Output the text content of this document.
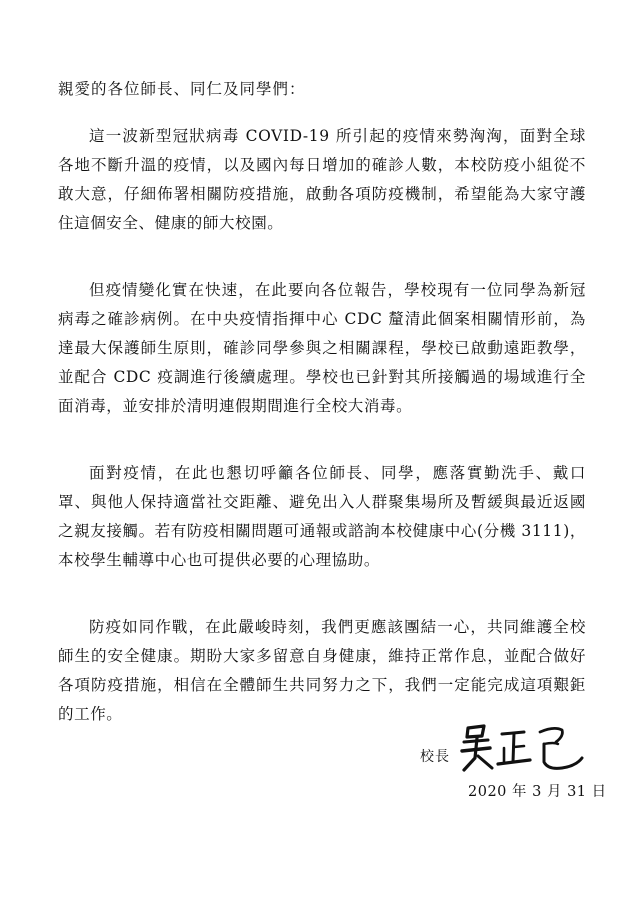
親愛的各位師長、同仁及同學們：

這一波新型冠狀病毒 COVID-19 所引起的疫情來勢洶洶，面對全球各地不斷升溫的疫情，以及國內每日增加的確診人數，本校防疫小組從不敢大意，仔細佈署相關防疫措施，啟動各項防疫機制，希望能為大家守護住這個安全、健康的師大校園。

但疫情變化實在快速，在此要向各位報告，學校現有一位同學為新冠病毒之確診病例。在中央疫情指揮中心 CDC 釐清此個案相關情形前，為達最大保護師生原則，確診同學參與之相關課程，學校已啟動遠距教學，並配合 CDC 疫調進行後續處理。學校也已針對其所接觸過的場域進行全面消毒，並安排於清明連假期間進行全校大消毒。

面對疫情，在此也懇切呼籲各位師長、同學，應落實勤洗手、戴口罩、與他人保持適當社交距離、避免出入人群聚集場所及暫緩與最近返國之親友接觸。若有防疫相關問題可通報或諮詢本校健康中心(分機 3111)，本校學生輔導中心也可提供必要的心理協助。

防疫如同作戰，在此嚴峻時刻，我們更應該團結一心，共同維護全校師生的安全健康。期盼大家多留意自身健康，維持正常作息，並配合做好各項防疫措施，相信在全體師生共同努力之下，我們一定能完成這項艱鉅的工作。

校長
2020 年 3 月 31 日
